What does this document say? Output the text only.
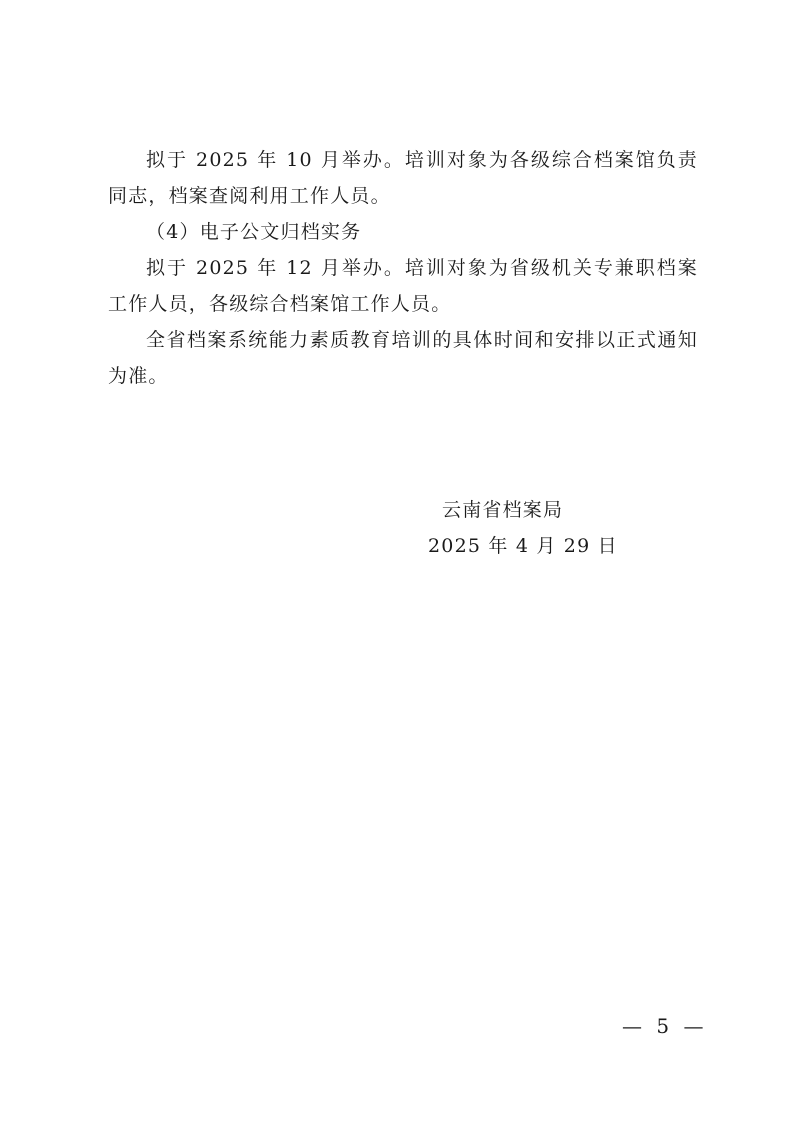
拟于 2025 年 10 月举办。培训对象为各级综合档案馆负责同志，档案查阅利用工作人员。

（4）电子公文归档实务

拟于 2025 年 12 月举办。培训对象为省级机关专兼职档案工作人员，各级综合档案馆工作人员。

全省档案系统能力素质教育培训的具体时间和安排以正式通知为准。

云南省档案局
2025 年 4 月 29 日
— 5 —
